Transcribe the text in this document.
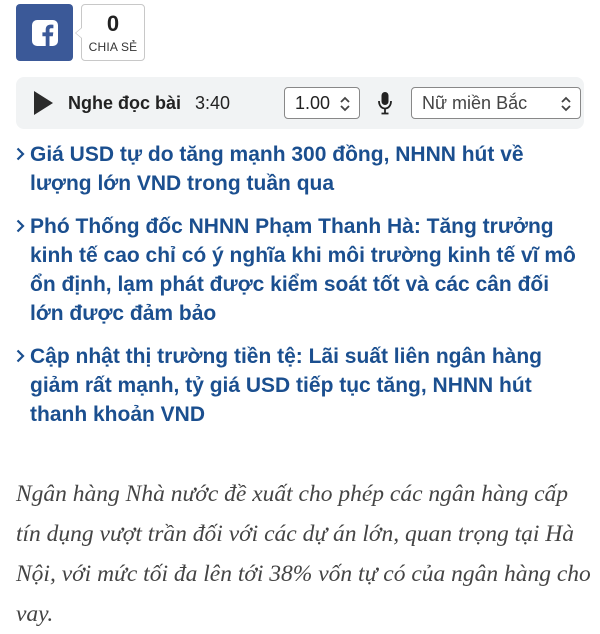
0
CHIA SẺ
Nghe đọc bài 3:40	1.00	Nữ miền Bắc
Giá USD tự do tăng mạnh 300 đồng, NHNN hút về lượng lớn VND trong tuần qua
Phó Thống đốc NHNN Phạm Thanh Hà: Tăng trưởng kinh tế cao chỉ có ý nghĩa khi môi trường kinh tế vĩ mô ổn định, lạm phát được kiểm soát tốt và các cân đối lớn được đảm bảo
Cập nhật thị trường tiền tệ: Lãi suất liên ngân hàng giảm rất mạnh, tỷ giá USD tiếp tục tăng, NHNN hút thanh khoản VND

Ngân hàng Nhà nước đề xuất cho phép các ngân hàng cấp tín dụng vượt trần đối với các dự án lớn, quan trọng tại Hà Nội, với mức tối đa lên tới 38% vốn tự có của ngân hàng cho vay.
